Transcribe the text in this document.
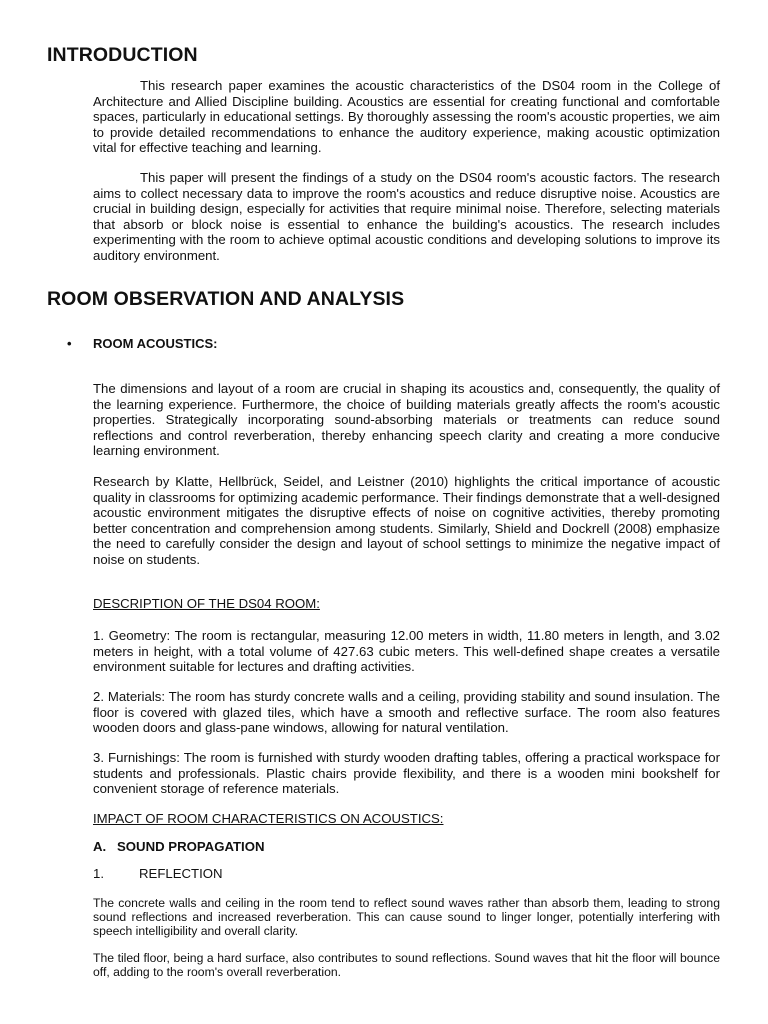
INTRODUCTION

This research paper examines the acoustic characteristics of the DS04 room in the College of Architecture and Allied Discipline building. Acoustics are essential for creating functional and comfortable spaces, particularly in educational settings. By thoroughly assessing the room's acoustic properties, we aim to provide detailed recommendations to enhance the auditory experience, making acoustic optimization vital for effective teaching and learning.

This paper will present the findings of a study on the DS04 room's acoustic factors. The research aims to collect necessary data to improve the room's acoustics and reduce disruptive noise. Acoustics are crucial in building design, especially for activities that require minimal noise. Therefore, selecting materials that absorb or block noise is essential to enhance the building's acoustics. The research includes experimenting with the room to achieve optimal acoustic conditions and developing solutions to improve its auditory environment.

ROOM OBSERVATION AND ANALYSIS
• ROOM ACOUSTICS:

The dimensions and layout of a room are crucial in shaping its acoustics and, consequently, the quality of the learning experience. Furthermore, the choice of building materials greatly affects the room's acoustic properties. Strategically incorporating sound-absorbing materials or treatments can reduce sound reflections and control reverberation, thereby enhancing speech clarity and creating a more conducive learning environment.

Research by Klatte, Hellbrück, Seidel, and Leistner (2010) highlights the critical importance of acoustic quality in classrooms for optimizing academic performance. Their findings demonstrate that a well-designed acoustic environment mitigates the disruptive effects of noise on cognitive activities, thereby promoting better concentration and comprehension among students. Similarly, Shield and Dockrell (2008) emphasize the need to carefully consider the design and layout of school settings to minimize the negative impact of noise on students.

DESCRIPTION OF THE DS04 ROOM:

1. Geometry: The room is rectangular, measuring 12.00 meters in width, 11.80 meters in length, and 3.02 meters in height, with a total volume of 427.63 cubic meters. This well-defined shape creates a versatile environment suitable for lectures and drafting activities.

2. Materials: The room has sturdy concrete walls and a ceiling, providing stability and sound insulation. The floor is covered with glazed tiles, which have a smooth and reflective surface. The room also features wooden doors and glass-pane windows, allowing for natural ventilation.

3. Furnishings: The room is furnished with sturdy wooden drafting tables, offering a practical workspace for students and professionals. Plastic chairs provide flexibility, and there is a wooden mini bookshelf for convenient storage of reference materials.

IMPACT OF ROOM CHARACTERISTICS ON ACOUSTICS:
A. SOUND PROPAGATION
1.	REFLECTION

The concrete walls and ceiling in the room tend to reflect sound waves rather than absorb them, leading to strong sound reflections and increased reverberation. This can cause sound to linger longer, potentially interfering with speech intelligibility and overall clarity.

The tiled floor, being a hard surface, also contributes to sound reflections. Sound waves that hit the floor will bounce off, adding to the room's overall reverberation.
